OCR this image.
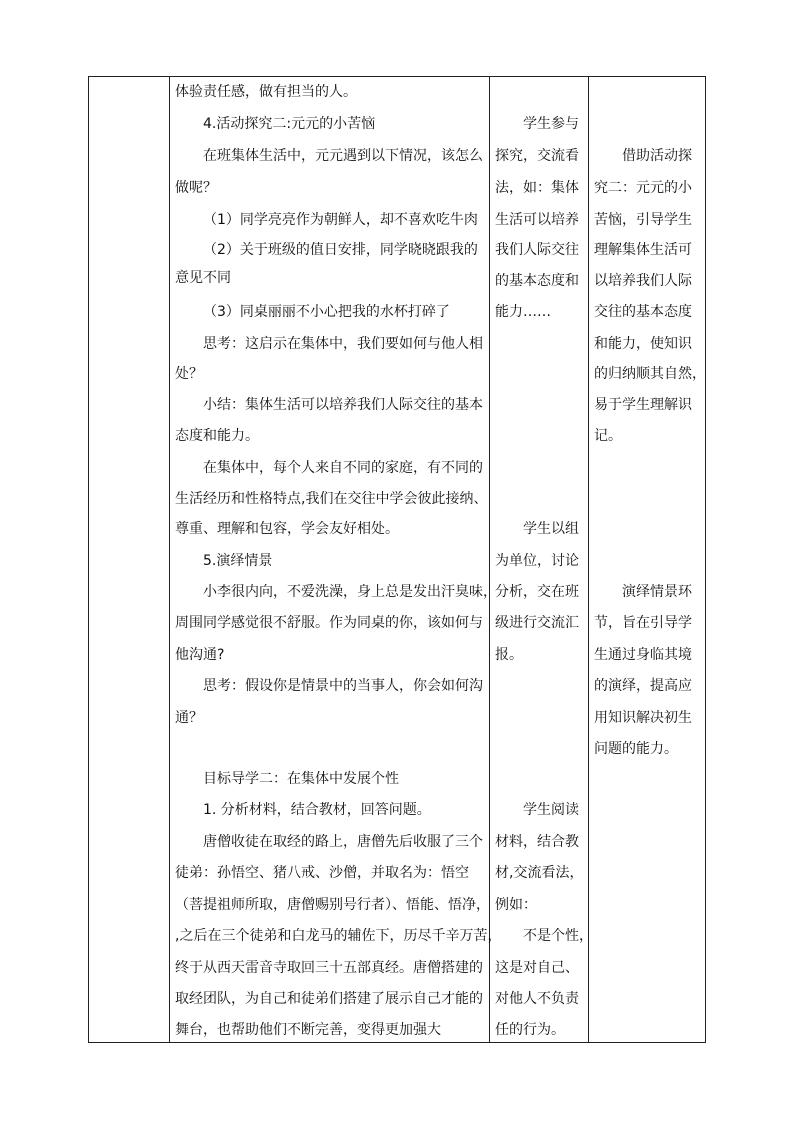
体验责任感，做有担当的人。
4.活动探究二:元元的小苦恼
在班集体生活中，元元遇到以下情况，该怎么
做呢？
（1）同学亮亮作为朝鲜人，却不喜欢吃牛肉
（2）关于班级的值日安排，同学晓晓跟我的
意见不同
（3）同桌丽丽不小心把我的水杯打碎了
思考：这启示在集体中，我们要如何与他人相
处？
小结：集体生活可以培养我们人际交往的基本
态度和能力。
在集体中，每个人来自不同的家庭，有不同的
生活经历和性格特点,我们在交往中学会彼此接纳、
尊重、理解和包容，学会友好相处。
5.演绎情景
小李很内向，不爱洗澡，身上总是发出汗臭味，
周围同学感觉很不舒服。作为同桌的你，该如何与
他沟通?
思考：假设你是情景中的当事人，你会如何沟
通？
目标导学二：在集体中发展个性
1. 分析材料，结合教材，回答问题。
唐僧收徒在取经的路上，唐僧先后收服了三个
徒弟：孙悟空、猪八戒、沙僧，并取名为：悟空
（菩提祖师所取，唐僧赐别号行者）、悟能、悟净，
,之后在三个徒弟和白龙马的辅佐下，历尽千辛万苦，
终于从西天雷音寺取回三十五部真经。唐僧搭建的
取经团队，为自己和徒弟们搭建了展示自己才能的
舞台，也帮助他们不断完善，变得更加强大
学生参与
探究，交流看
法，如：集体
生活可以培养
我们人际交往
的基本态度和
能力……
学生以组
为单位，讨论
分析，交在班
级进行交流汇
报。
学生阅读
材料，结合教
材,交流看法，
例如：
不是个性，
这是对自己、
对他人不负责
任的行为。
借助活动探
究二：元元的小
苦恼，引导学生
理解集体生活可
以培养我们人际
交往的基本态度
和能力，使知识
的归纳顺其自然，
易于学生理解识
记。
演绎情景环
节，旨在引导学
生通过身临其境
的演绎，提高应
用知识解决初生
问题的能力。
